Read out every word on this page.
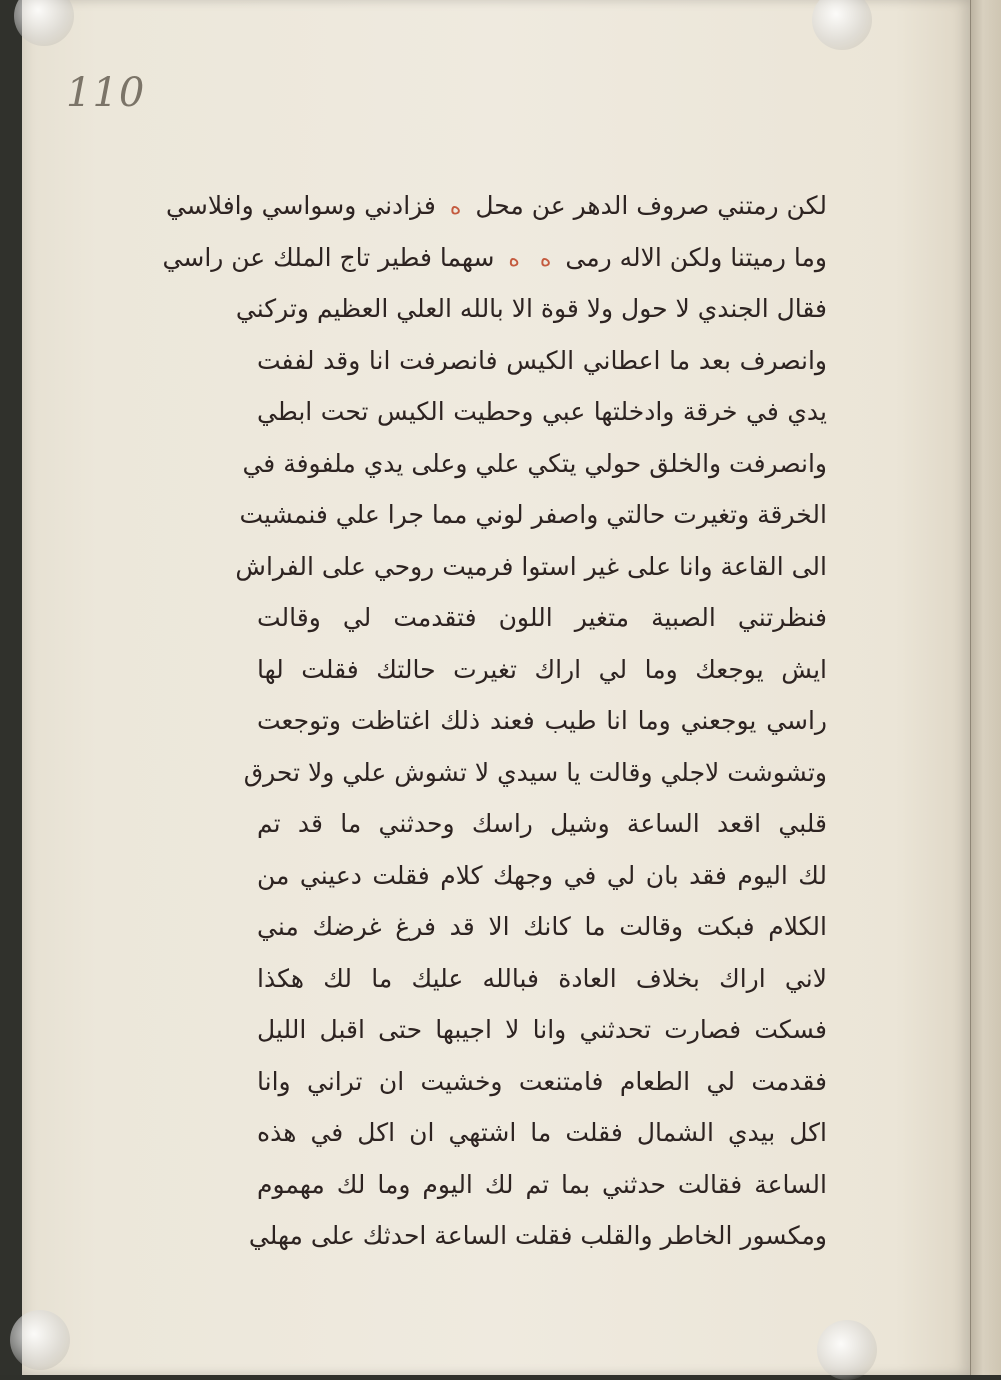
110
لكن رمتني صروف الدهر عن محل ه فزادني وسواسي وافلاسي
وما رميتنا ولكن الاله رمى ه ه سهما فطير تاج الملك عن راسي
فقال الجندي لا حول ولا قوة الا بالله العلي العظيم وتركني
وانصرف بعد ما اعطاني الكيس فانصرفت انا وقد لففت
يدي في خرقة وادخلتها عبي وحطيت الكيس تحت ابطي
وانصرفت والخلق حولي يتكي علي وعلى يدي ملفوفة في
الخرقة وتغيرت حالتي واصفر لوني مما جرا علي فنمشيت
الى القاعة وانا على غير استوا فرميت روحي على الفراش
فنظرتني الصبية متغير اللون فتقدمت لي وقالت
ايش يوجعك وما لي اراك تغيرت حالتك فقلت لها
راسي يوجعني وما انا طيب فعند ذلك اغتاظت وتوجعت
وتشوشت لاجلي وقالت يا سيدي لا تشوش علي ولا تحرق
قلبي اقعد الساعة وشيل راسك وحدثني ما قد تم
لك اليوم فقد بان لي في وجهك كلام فقلت دعيني من
الكلام فبكت وقالت ما كانك الا قد فرغ غرضك مني
لاني اراك بخلاف العادة فبالله عليك ما لك هكذا
فسكت فصارت تحدثني وانا لا اجيبها حتى اقبل الليل
فقدمت لي الطعام فامتنعت وخشيت ان تراني وانا
اكل بيدي الشمال فقلت ما اشتهي ان اكل في هذه
الساعة فقالت حدثني بما تم لك اليوم وما لك مهموم
ومكسور الخاطر والقلب فقلت الساعة احدثك على مهلي
